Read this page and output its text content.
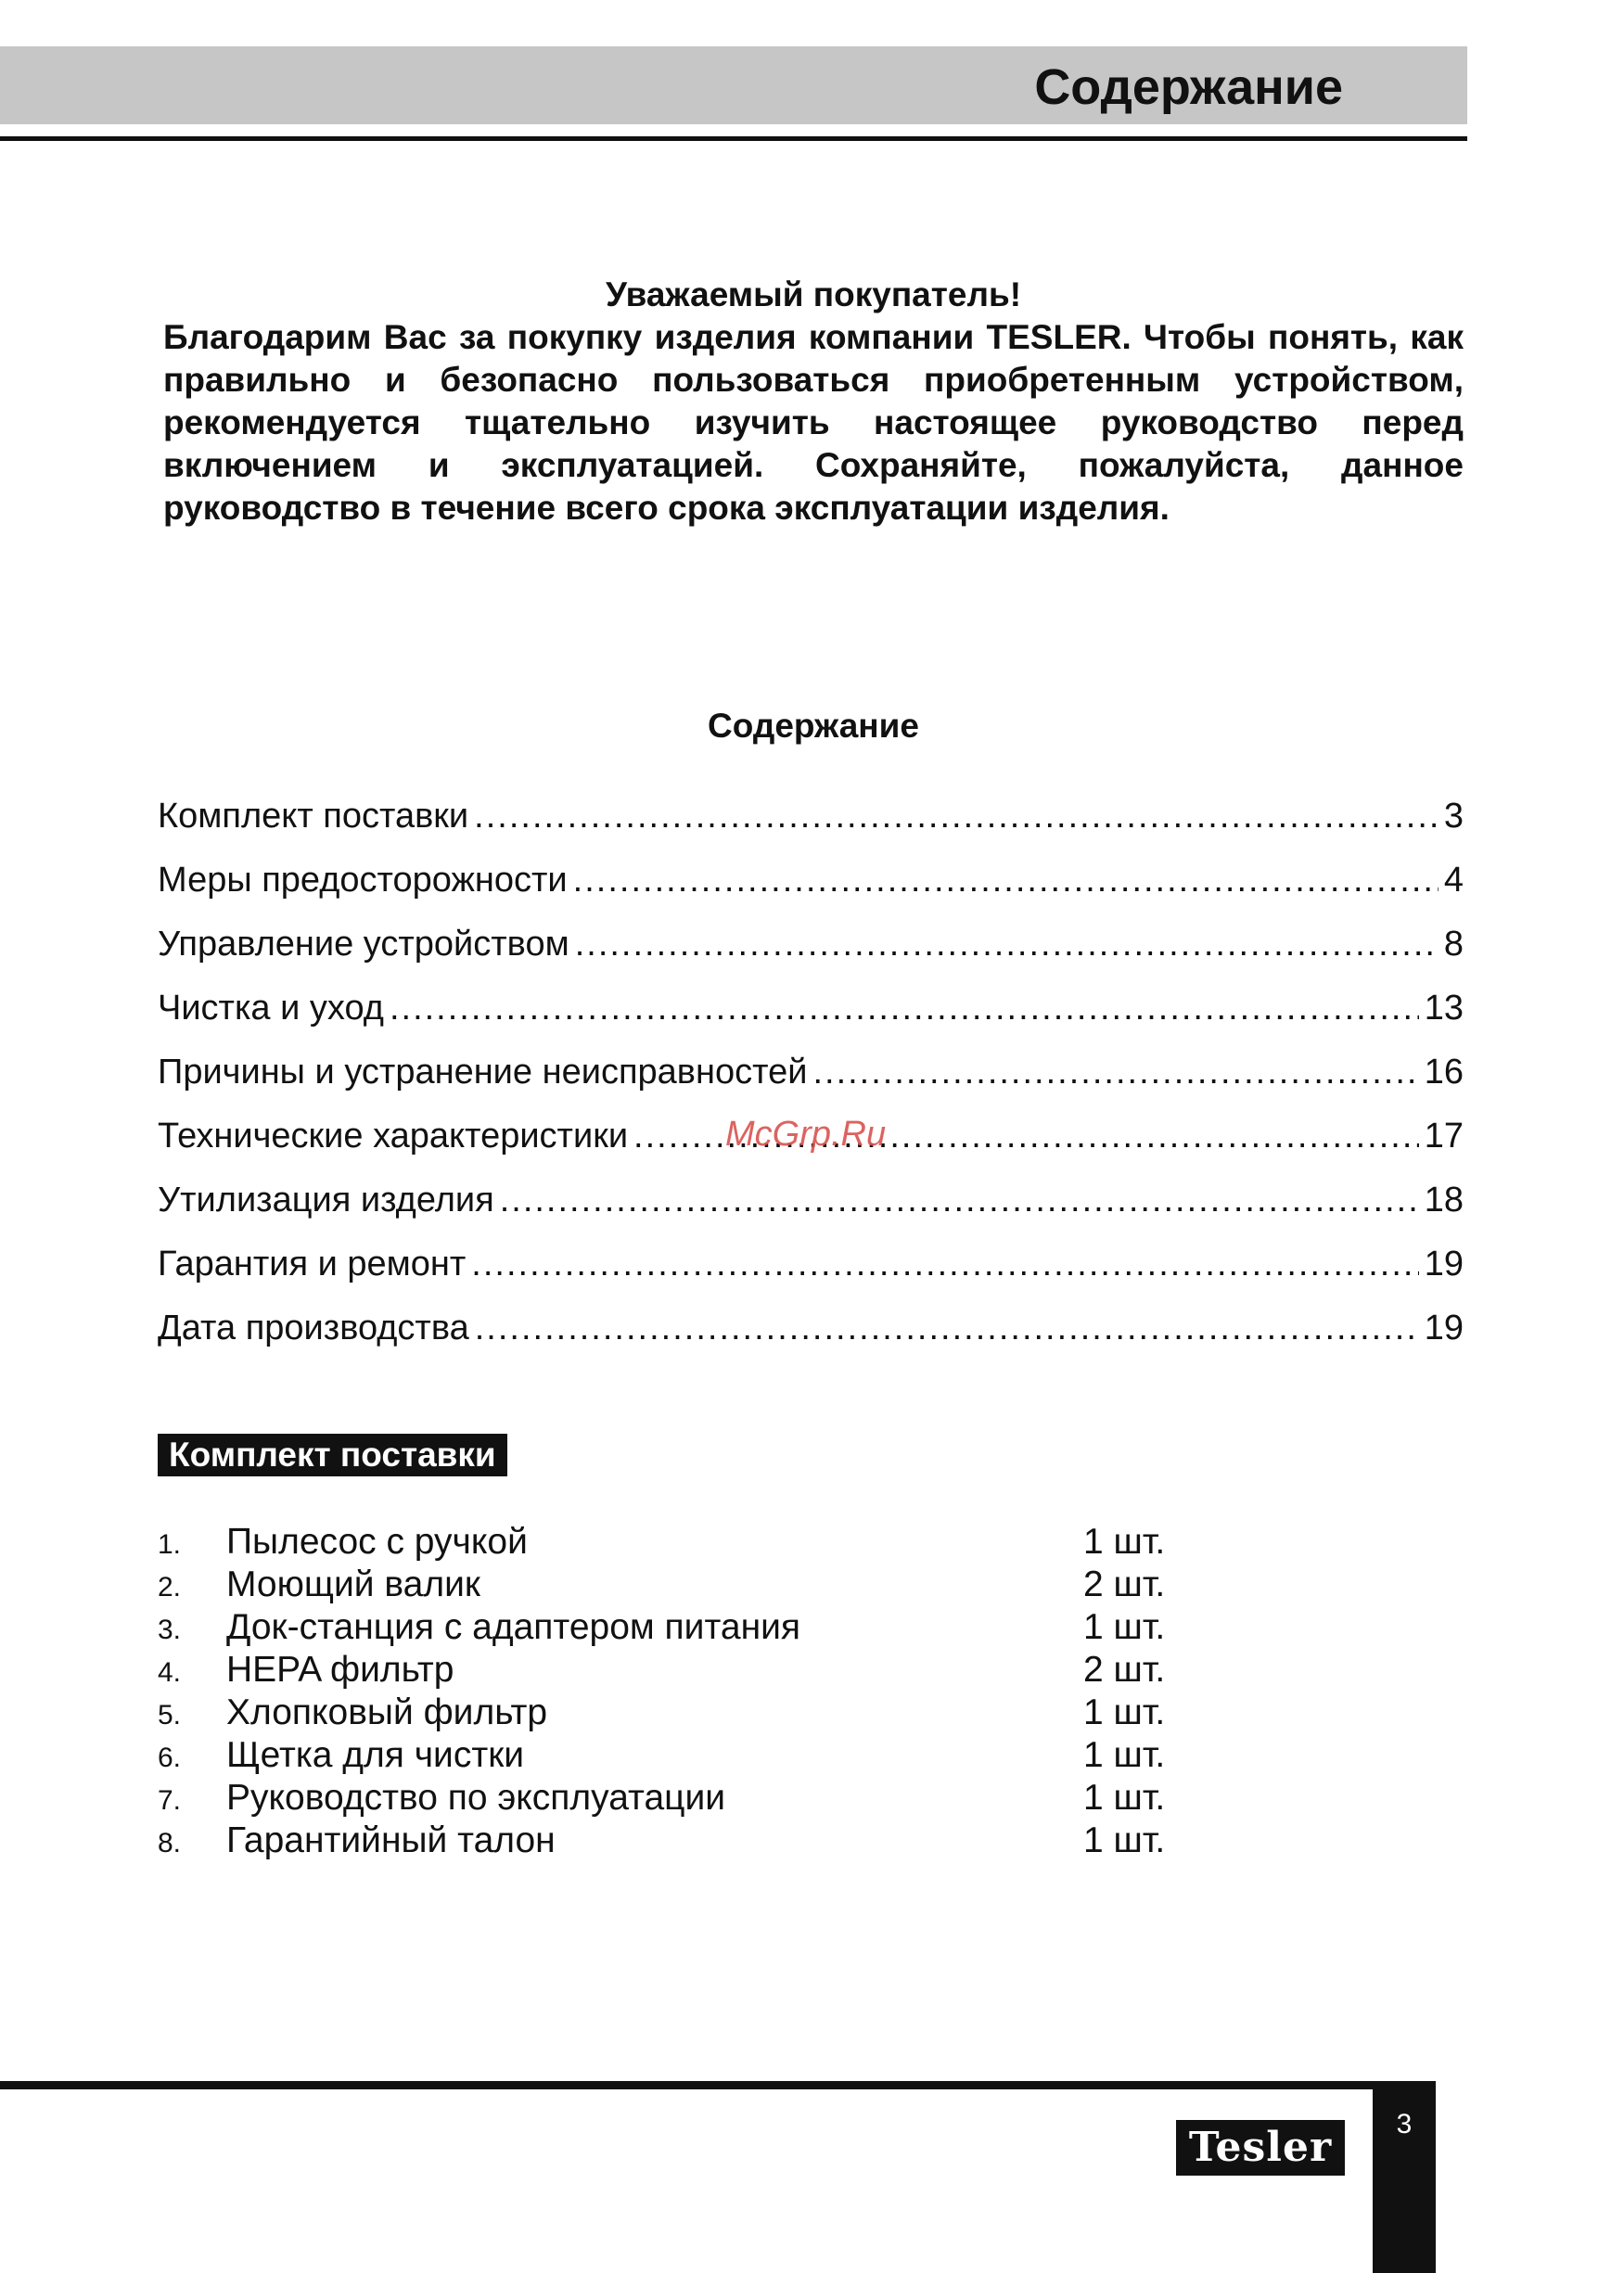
Содержание
Уважаемый покупатель!
Благодарим Вас за покупку изделия компании TESLER. Чтобы понять, как правильно и безопасно пользоваться приобретенным устройством, рекомендуется тщательно изучить настоящее руководство перед включением и эксплуатацией. Сохраняйте, пожалуйста, данное руководство в течение всего срока эксплуатации изделия.
Содержание
Комплект поставки .....	3
Меры предосторожности .....	4
Управление устройством .....	8
Чистка и уход .....	13
Причины и устранение неисправностей .....	16
Технические характеристики .....	17
Утилизация изделия .....	18
Гарантия и ремонт .....	19
Дата производства .....	19
McGrp.Ru
Комплект поставки
1. Пылесос с ручкой	1 шт.
2. Моющий валик	2 шт.
3. Док-станция с адаптером питания	1 шт.
4. HEPA фильтр	2 шт.
5. Хлопковый фильтр	1 шт.
6. Щетка для чистки	1 шт.
7. Руководство по эксплуатации	1 шт.
8. Гарантийный талон	1 шт.
3
Tesler
